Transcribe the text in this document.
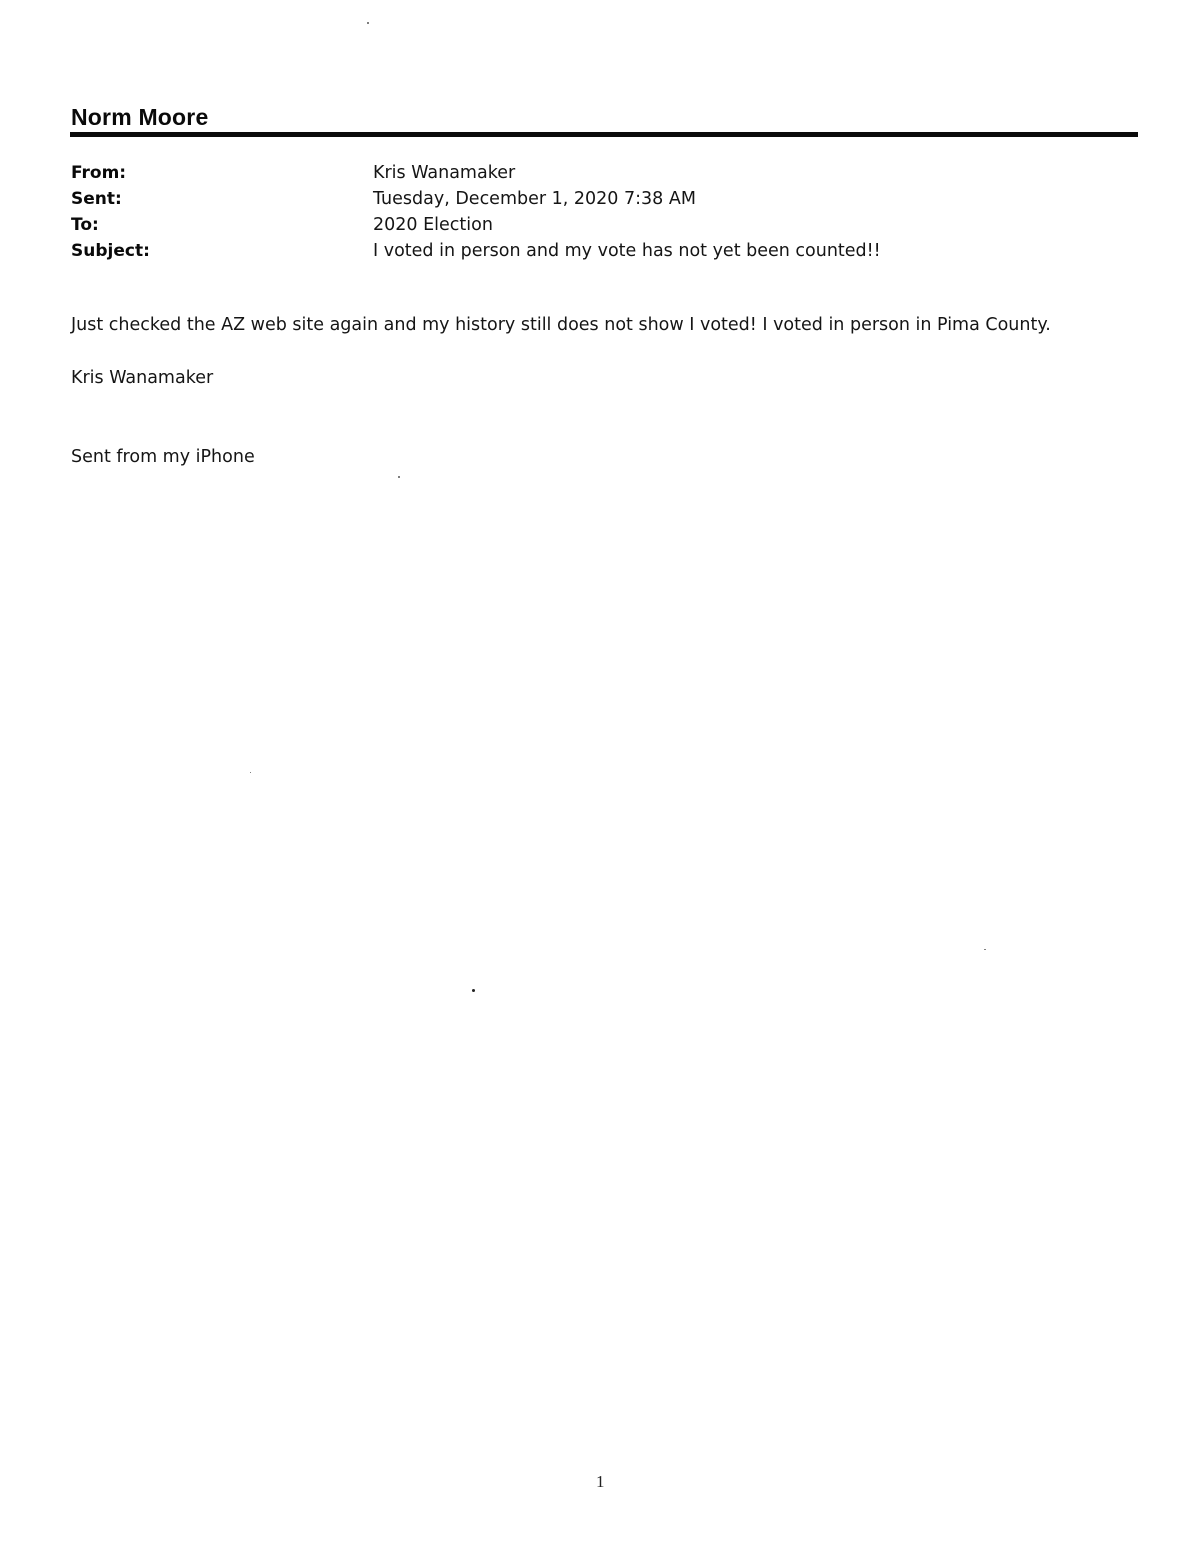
Norm Moore
From:	Kris Wanamaker
Sent:	Tuesday, December 1, 2020 7:38 AM
To:	2020 Election
Subject:	I voted in person and my vote has not yet been counted!!
Just checked the AZ web site again and my history still does not show I voted! I voted in person in Pima County.
Kris Wanamaker
Sent from my iPhone
1
